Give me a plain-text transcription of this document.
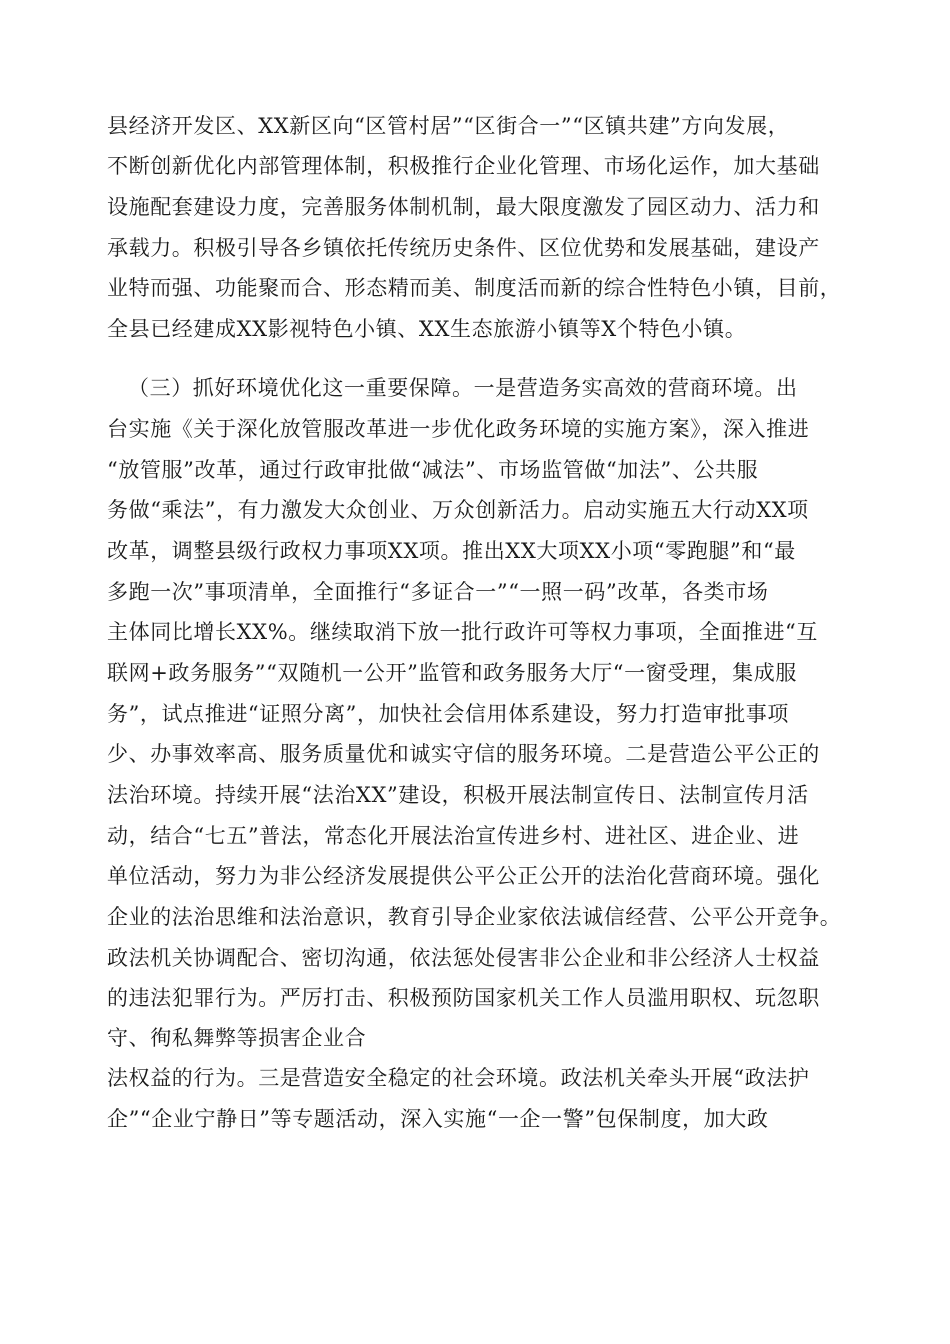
县经济开发区、XX新区向“区管村居”“区街合一”“区镇共建”方向发展，
不断创新优化内部管理体制，积极推行企业化管理、市场化运作，加大基础
设施配套建设力度，完善服务体制机制，最大限度激发了园区动力、活力和
承载力。积极引导各乡镇依托传统历史条件、区位优势和发展基础，建设产
业特而强、功能聚而合、形态精而美、制度活而新的综合性特色小镇，目前，
全县已经建成XX影视特色小镇、XX生态旅游小镇等X个特色小镇。
（三）抓好环境优化这一重要保障。一是营造务实高效的营商环境。出
台实施《关于深化放管服改革进一步优化政务环境的实施方案》，深入推进
“放管服”改革，通过行政审批做“减法”、市场监管做“加法”、公共服
务做“乘法”，有力激发大众创业、万众创新活力。启动实施五大行动XX项
改革，调整县级行政权力事项XX项。推出XX大项XX小项“零跑腿”和“最
多跑一次”事项清单，全面推行“多证合一”“一照一码”改革，各类市场
主体同比增长XX%。继续取消下放一批行政许可等权力事项，全面推进“互
联网+政务服务”“双随机一公开”监管和政务服务大厅“一窗受理，集成服
务”，试点推进“证照分离”，加快社会信用体系建设，努力打造审批事项
少、办事效率高、服务质量优和诚实守信的服务环境。二是营造公平公正的
法治环境。持续开展“法治XX”建设，积极开展法制宣传日、法制宣传月活
动，结合“七五”普法，常态化开展法治宣传进乡村、进社区、进企业、进
单位活动，努力为非公经济发展提供公平公正公开的法治化营商环境。强化
企业的法治思维和法治意识，教育引导企业家依法诚信经营、公平公开竞争。
政法机关协调配合、密切沟通，依法惩处侵害非公企业和非公经济人士权益
的违法犯罪行为。严厉打击、积极预防国家机关工作人员滥用职权、玩忽职
守、徇私舞弊等损害企业合
法权益的行为。三是营造安全稳定的社会环境。政法机关牵头开展“政法护
企”“企业宁静日”等专题活动，深入实施“一企一警”包保制度，加大政
